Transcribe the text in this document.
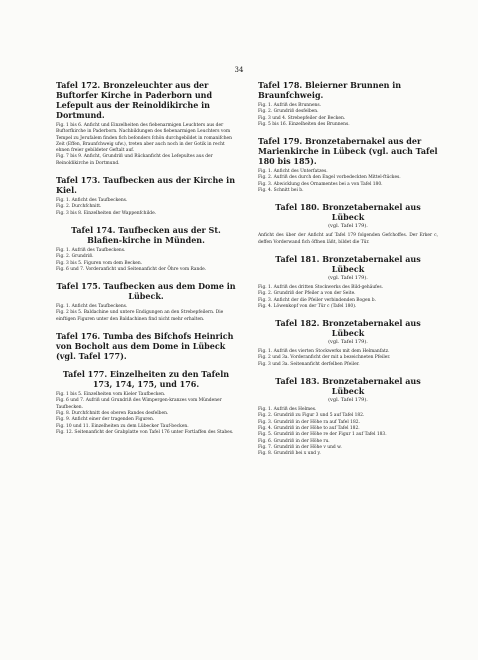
34
Tafel 172. Bronzeleuchter aus der Buftorfer Kirche in Paderborn und Lefepult aus der Reinoldikirche in Dortmund.
Fig. 1 bis 6. Anficht und Einzelheiten des fiebenarmigen Leuchters aus der Buftorfkirche in Paderborn. Nachbildungen des fiebenarmigen Leuchters vom Tempel zu Jerufalem finden fich befonders fchön durchgebildet in romanifchen Zeit (Effen, Braunfchweig ufw.), treten aber auch noch in der Gotik in recht ehnen freier gebildeter Geftalt auf.
Fig. 7 bis 9. Anficht, Grundriß und Rückanficht des Lefepultes aus der Reinoldikirche in Dortmund.
Tafel 173. Taufbecken aus der Kirche in Kiel.
Fig. 1. Anficht des Taufbeckens.
Fig. 2. Durchfchnitt.
Fig. 3 bis 8. Einzelheiten der Wappenfchilde.
Tafel 174. Taufbecken aus der St. Blafien-kirche in Münden.
Fig. 1. Aufriß des Taufbeckens.
Fig. 2. Grundriß.
Fig. 3 bis 5. Figuren vom dem Becken.
Fig. 6 und 7. Vorderanficht und Seitenanficht der Öhre vom Rande.
Tafel 175. Taufbecken aus dem Dome in Lübeck.
Fig. 1. Anficht des Taufbeckens.
Fig. 2 bis 5. Baldachine und untere Endigungen an den Strebepfeilern. Die einftigen Figuren unter den Baldachinen find nicht mehr erhalten.
Tafel 176. Tumba des Bifchofs Heinrich von Bocholt aus dem Dome in Lübeck (vgl. Tafel 177).
Tafel 177. Einzelheiten zu den Tafeln 173, 174, 175, und 176.
Fig. 1 bis 5. Einzelheiten vom Kieler Taufbecken.
Fig. 6 und 7. Aufriß und Grundriß des Wimpergen-kranzes vom Mündener Taufbecken.
Fig. 8. Durchfchnitt des oberen Randes desfelben.
Fig. 9. Anficht einer der tragenden Figuren.
Fig. 10 und 11. Einzelheiten zu dem Lübecker Tauf-becken.
Fig. 12. Seitenanficht der Grabplatte von Tafel 176 unter Fortlaffen des Stabes.
Tafel 178. Bleierner Brunnen in Braunfchweig.
Fig. 1. Aufriß des Brunnens.
Fig. 2. Grundriß desfelben.
Fig. 3 und 4. Strebepfeiler der Becken.
Fig. 5 bis 16. Einzelheiten des Brunnens.
Tafel 179. Bronzetabernakel aus der Marienkirche in Lübeck (vgl. auch Tafel 180 bis 185).
Fig. 1. Anficht des Unterfatzes.
Fig. 2. Aufriß des durch den Engel vorbedeckten Mittel-ftückes.
Fig. 3. Abwicklung des Ornamentes bei a von Tafel 180.
Fig. 4. Schnitt bei b.
Tafel 180. Bronzetabernakel aus Lübeck
(vgl. Tafel 179).
Anficht des über der Anficht auf Tafel 179 folgenden Gefchoffes. Der Erker c, deffen Vorderwand fich öffnen läßt, bildet die Tür.
Tafel 181. Bronzetabernakel aus Lübeck
(vgl. Tafel 179).
Fig. 1. Aufriß des dritten Stockwerks des Bild-gehäufes.
Fig. 2. Grundriß der Pfeiler a von der Seite.
Fig. 3. Anficht der die Pfeiler verbindenden Bogen b.
Fig. 4. Löwenkopf von der Tür c (Tafel 180).
Tafel 182. Bronzetabernakel aus Lübeck
(vgl. Tafel 179).
Fig. 1. Aufriß des vierten Stockwerks mit dem Helmanfatz.
Fig. 2 und 3a. Vorderanficht der mit a bezeichneten Pfeiler.
Fig. 3 und 3a. Seitenanficht derfelben Pfeiler.
Tafel 183. Bronzetabernakel aus Lübeck
(vgl. Tafel 179).
Fig. 1. Aufriß des Helmes.
Fig. 2. Grundriß zu Figur 3 und 5 auf Tafel 182.
Fig. 3. Grundriß in der Höhe ra auf Tafel 182.
Fig. 4. Grundriß in der Höhe to auf Tafel 182.
Fig. 5. Grundriß in der Höhe re der Figur 1 auf Tafel 183.
Fig. 6. Grundriß in der Höhe ru.
Fig. 7. Grundriß in der Höhe v und w.
Fig. 8. Grundriß bei x und y.
